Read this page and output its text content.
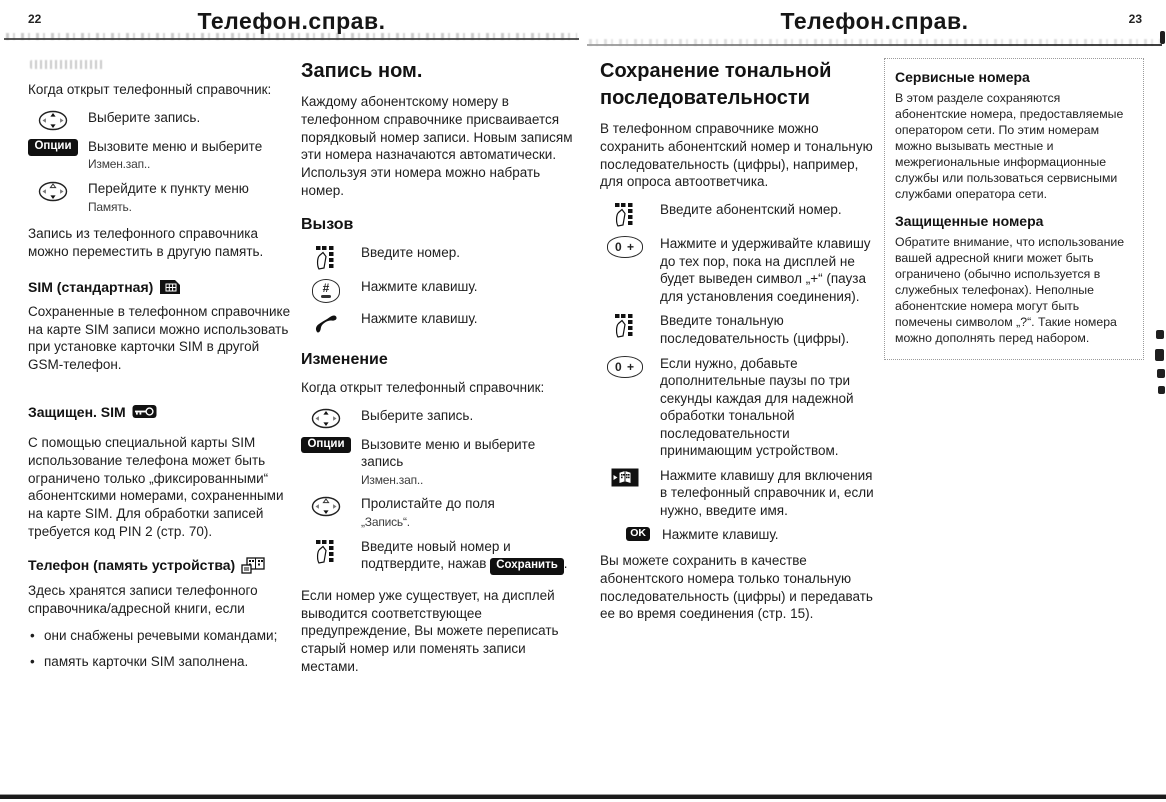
22	Телефон.справ.

Когда открыт телефонный справочник:

Выберите запись.
Опции	Вызовите меню и выберите Измен.зап..
Перейдите к пункту меню
Память.

Запись из телефонного справочника можно переместить в другую память.

SIM (стандартная)

Сохраненные в телефонном справочнике на карте SIM записи можно использовать при установке карточки SIM в другой GSM-телефон.

Защищен. SIM

С помощью специальной карты SIM использование телефона может быть ограничено только „фиксированными“ абонентскими номерами, сохраненными на карте SIM. Для обработки записей требуется код PIN 2 (стр. 70).

Телефон (память устройства)

Здесь хранятся записи телефонного справочника/адресной книги, если

• они снабжены речевыми командами;
• память карточки SIM заполнена.
Запись ном.

Каждому абонентскому номеру в телефонном справочнике присваивается порядковый номер записи. Новым записям эти номера назначаются автоматически. Используя эти номера можно набрать номер.

Вызов
Введите номер.
# Нажмите клавишу.
Нажмите клавишу.
Изменение

Когда открыт телефонный справочник:

Выберите запись.
Опции	Вызовите меню и выберите запись
Измен.зап..
Пролистайте до поля
„Запись“.
Введите новый номер и подтвердите, нажав Сохранить .

Если номер уже существует, на дисплей выводится соответствующее предупреждение, Вы можете переписать старый номер или поменять записи местами.

23
Телефон.справ.
Сохранение тональной последовательности

В телефонном справочнике можно сохранить абонентский номер и тональную последовательность (цифры), например, для опроса автоответчика.

Введите абонентский номер.
0 +	Нажмите и удерживайте клавишу до тех пор, пока на дисплей не будет выведен символ „+“ (пауза для установления соединения).
Введите тональную последовательность (цифры).
0 +	Если нужно, добавьте дополнительные паузы по три секунды каждая для надежной обработки тональной последовательности принимающим устройством.
Нажмите клавишу для включения в телефонный справочник и, если нужно, введите имя.
OK Нажмите клавишу.

Вы можете сохранить в качестве абонентского номера только тональную последовательность (цифры) и передавать ее во время соединения (стр. 15).

Сервисные номера

В этом разделе сохраняются абонентские номера, предоставляемые оператором сети. По этим номерам можно вызывать местные и межрегиональные информационные службы или пользоваться сервисными службами оператора сети.

Защищенные номера

Обратите внимание, что использование вашей адресной книги может быть ограничено (обычно используется в служебных телефонах). Неполные абонентские номера могут быть помечены символом „?“. Такие номера можно дополнять перед набором.
